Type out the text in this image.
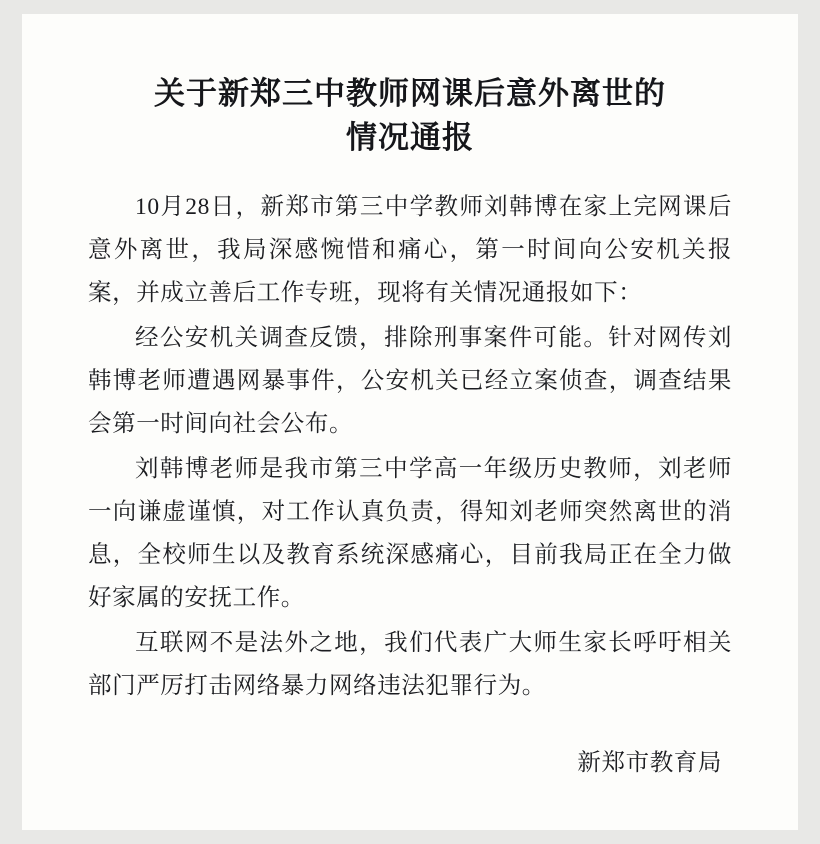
关于新郑三中教师网课后意外离世的
情况通报

10月28日，新郑市第三中学教师刘韩博在家上完网课后意外离世，我局深感惋惜和痛心，第一时间向公安机关报案，并成立善后工作专班，现将有关情况通报如下：

经公安机关调查反馈，排除刑事案件可能。针对网传刘韩博老师遭遇网暴事件，公安机关已经立案侦查，调查结果会第一时间向社会公布。

刘韩博老师是我市第三中学高一年级历史教师，刘老师一向谦虚谨慎，对工作认真负责，得知刘老师突然离世的消息，全校师生以及教育系统深感痛心，目前我局正在全力做好家属的安抚工作。

互联网不是法外之地，我们代表广大师生家长呼吁相关部门严厉打击网络暴力网络违法犯罪行为。

新郑市教育局
